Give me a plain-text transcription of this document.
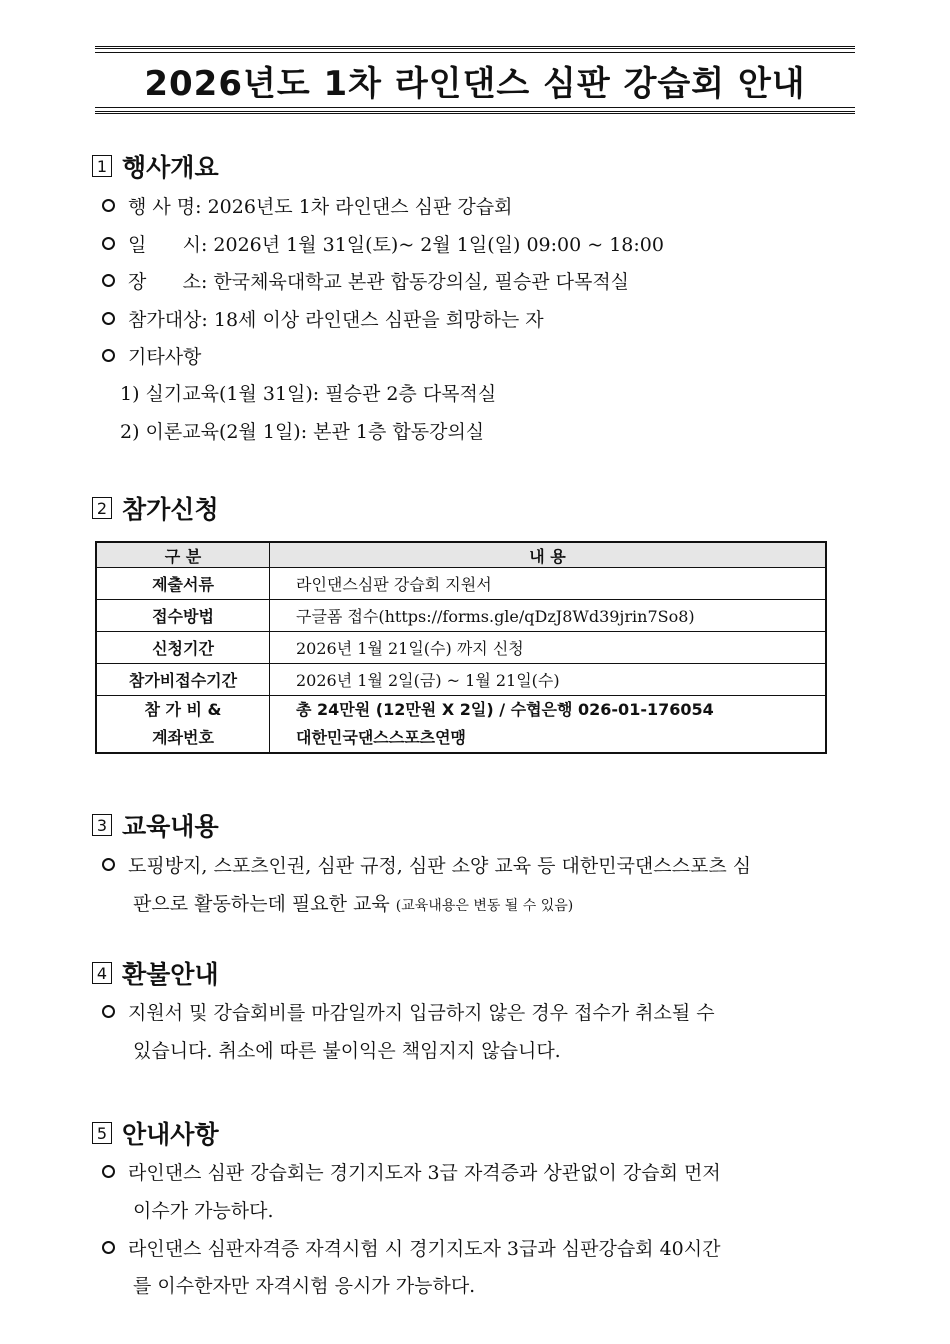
2026년도 1차 라인댄스 심판 강습회 안내
1 행사개요
행 사 명:
2026년도 1차 라인댄스 심판 강습회
일      시:
2026년 1월 31일(토)~ 2월 1일(일) 09:00 ~ 18:00
장      소:
한국체육대학교 본관 합동강의실, 필승관 다목적실
참가대상:
18세 이상 라인댄스 심판을 희망하는 자
기타사항
1) 실기교육(1월 31일): 필승관 2층 다목적실
2) 이론교육(2월 1일): 본관 1층 합동강의실
2 참가신청
구 분	내 용
제출서류	라인댄스심판 강습회 지원서
접수방법	구글폼 접수(https://forms.gle/qDzJ8Wd39jrin7So8)
신청기간	2026년 1월 21일(수) 까지 신청
참가비접수기간	2026년 1월 2일(금) ~ 1월 21일(수)

참 가 비 &
계좌번호	총 24만원 (12만원 X 2일) / 수협은행 026-01-176054
대한민국댄스스포츠연맹
3 교육내용
도핑방지, 스포츠인권, 심판 규정, 심판 소양 교육 등 대한민국댄스스포츠 심
판으로 활동하는데 필요한 교육 (교육내용은 변동 될 수 있음)
4 환불안내
지원서 및 강습회비를 마감일까지 입금하지 않은 경우 접수가 취소될 수
있습니다. 취소에 따른 불이익은 책임지지 않습니다.
5 안내사항
라인댄스 심판 강습회는 경기지도자 3급 자격증과 상관없이 강습회 먼저
이수가 가능하다.
라인댄스 심판자격증 자격시험 시 경기지도자 3급과 심판강습회 40시간
를 이수한자만 자격시험 응시가 가능하다.
